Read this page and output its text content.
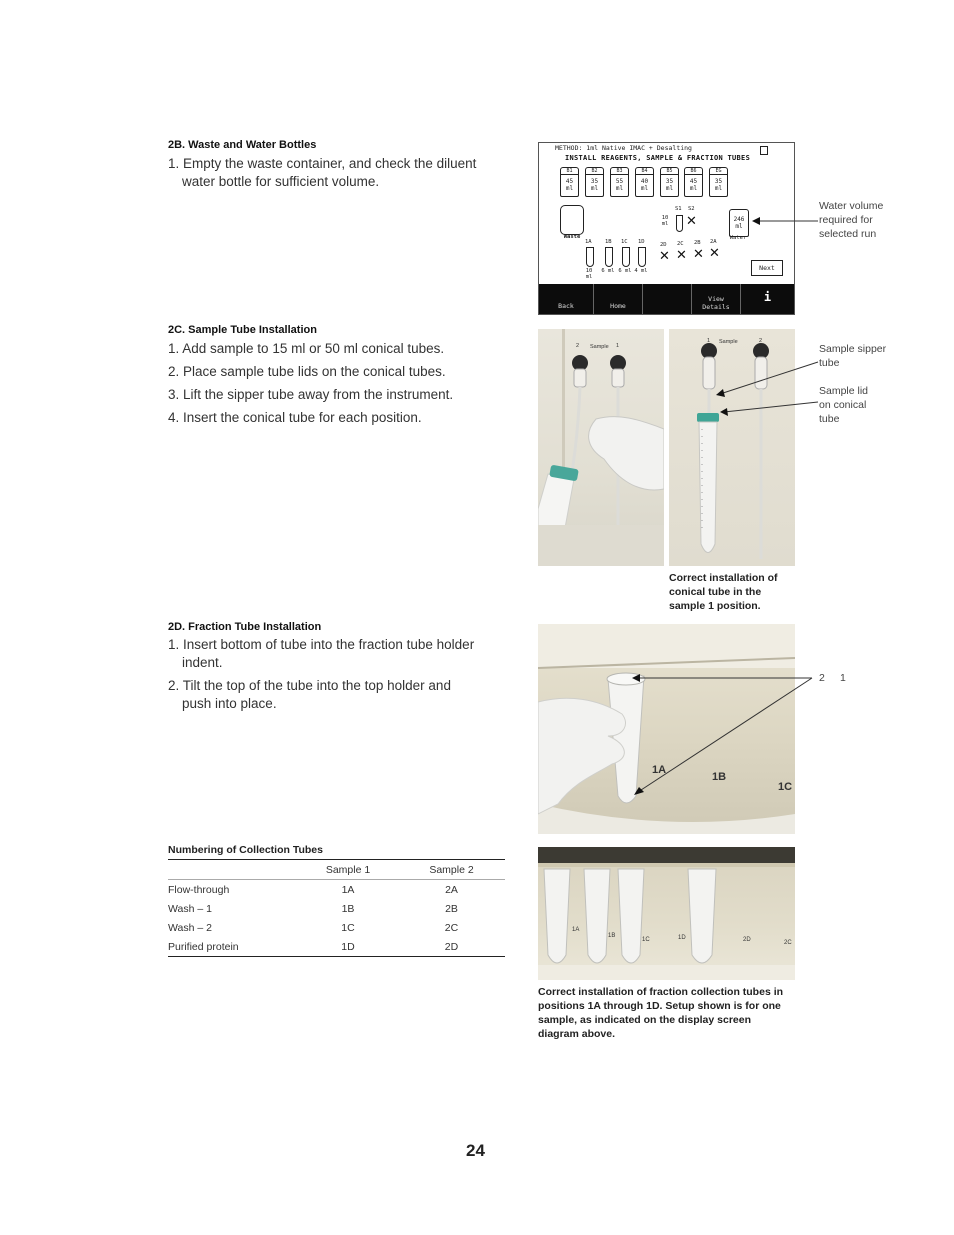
2B. Waste and Water Bottles
1. Empty the waste container, and check the diluent water bottle for sufficient volume.
METHOD: 1ml Native IMAC + Desalting
INSTALL REAGENTS, SAMPLE & FRACTION TUBES
B1
45 ml
B2
35 ml
B3
55 ml
B4
40 ml
B5
35 ml
B6
45 ml
EG
35 ml
Waste
S1 S2
10 ml	✕	246 ml
Water
1A 1B 1C 1D
10 ml
6 ml 6 ml 4 ml
2D 2C 2B 2A
✕ ✕ ✕ ✕
Next
Back	Home
View Details
i
Water volume required for selected run
2C. Sample Tube Installation
1. Add sample to 15 ml or 50 ml conical tubes.
2. Place sample tube lids on the conical tubes.
3. Lift the sipper tube away from the instrument.
4. Insert the conical tube for each position.
2 Sample 1
1 Sample	2
Sample sipper tube
Sample lid on conical tube
Correct installation of conical tube in the sample 1 position.
2D. Fraction Tube Installation
1. Insert bottom of tube into the fraction tube holder indent.
2. Tilt the top of the tube into the top holder and push into place.
1A
1B
1C
2 1
Numbering of Collection Tubes
	Sample 1	Sample 2
Flow-through	1A	2A
Wash – 1	1B	2B
Wash – 2	1C	2C
Purified protein	1D	2D
1A
1B
1C	1D	2D	2C
Correct installation of fraction collection tubes in positions 1A through 1D. Setup shown is for one sample, as indicated on the display screen diagram above.
24
